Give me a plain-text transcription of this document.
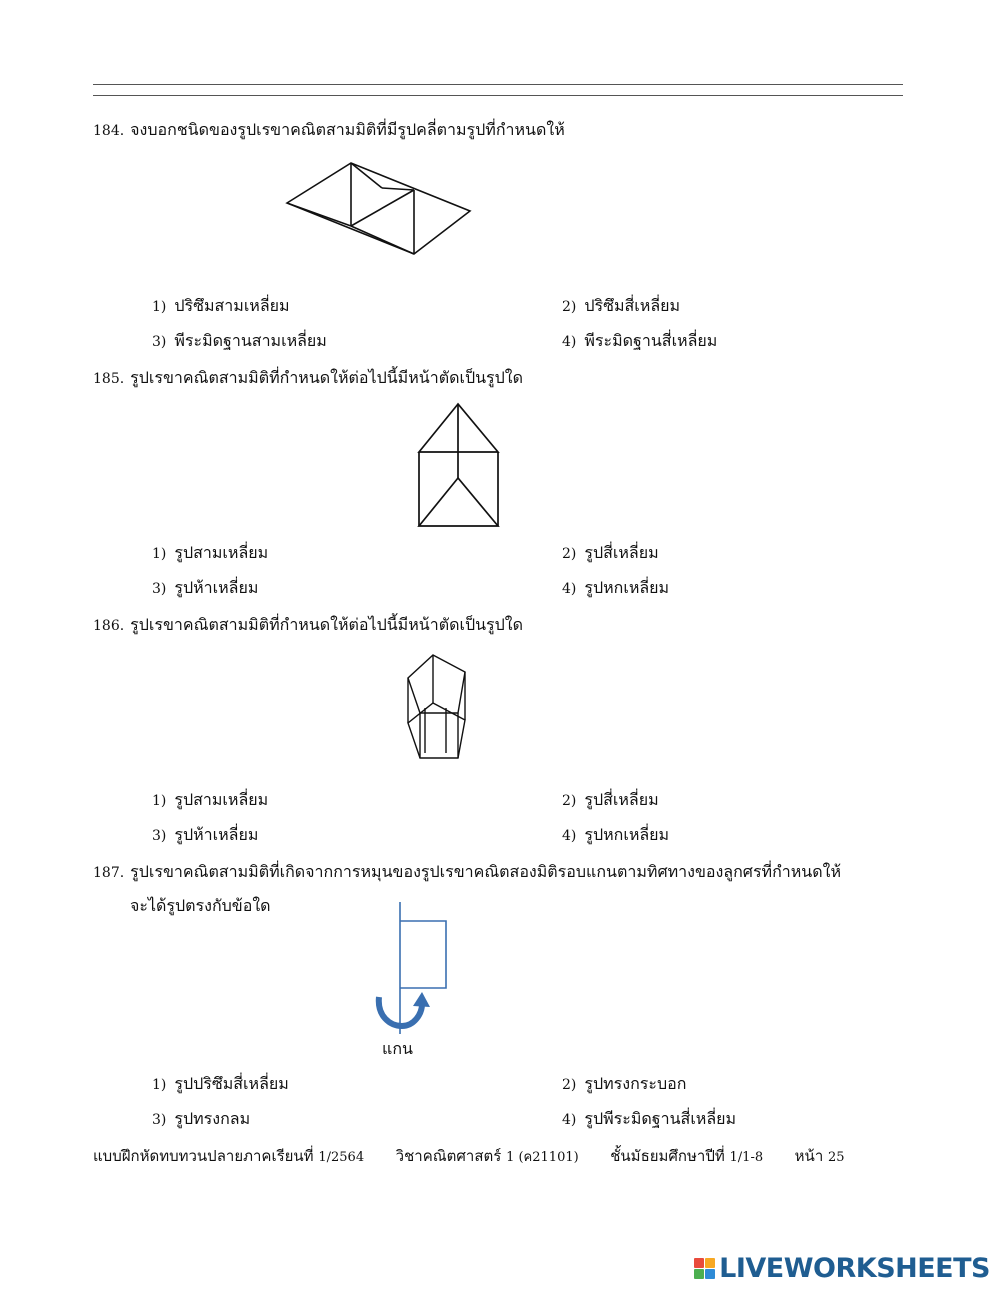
184. จงบอกชนิดของรูปเรขาคณิตสามมิติที่มีรูปคลี่ตามรูปที่กำหนดให้
1) ปริซึมสามเหลี่ยม	2) ปริซึมสี่เหลี่ยม
3) พีระมิดฐานสามเหลี่ยม	4) พีระมิดฐานสี่เหลี่ยม
185. รูปเรขาคณิตสามมิติที่กำหนดให้ต่อไปนี้มีหน้าตัดเป็นรูปใด
1) รูปสามเหลี่ยม	2) รูปสี่เหลี่ยม
3) รูปห้าเหลี่ยม	4) รูปหกเหลี่ยม
186. รูปเรขาคณิตสามมิติที่กำหนดให้ต่อไปนี้มีหน้าตัดเป็นรูปใด
1) รูปสามเหลี่ยม	2) รูปสี่เหลี่ยม
3) รูปห้าเหลี่ยม	4) รูปหกเหลี่ยม
187. รูปเรขาคณิตสามมิติที่เกิดจากการหมุนของรูปเรขาคณิตสองมิติรอบแกนตามทิศทางของลูกศรที่กำหนดให้
จะได้รูปตรงกับข้อใด
แกน
1) รูปปริซึมสี่เหลี่ยม	2) รูปทรงกระบอก
3) รูปทรงกลม	4) รูปพีระมิดฐานสี่เหลี่ยม
แบบฝึกหัดทบทวนปลายภาคเรียนที่ 1/2564 วิชาคณิตศาสตร์ 1 (ค21101) ชั้นมัธยมศึกษาปีที่ 1/1-8 หน้า 25
LIVEWORKSHEETS
